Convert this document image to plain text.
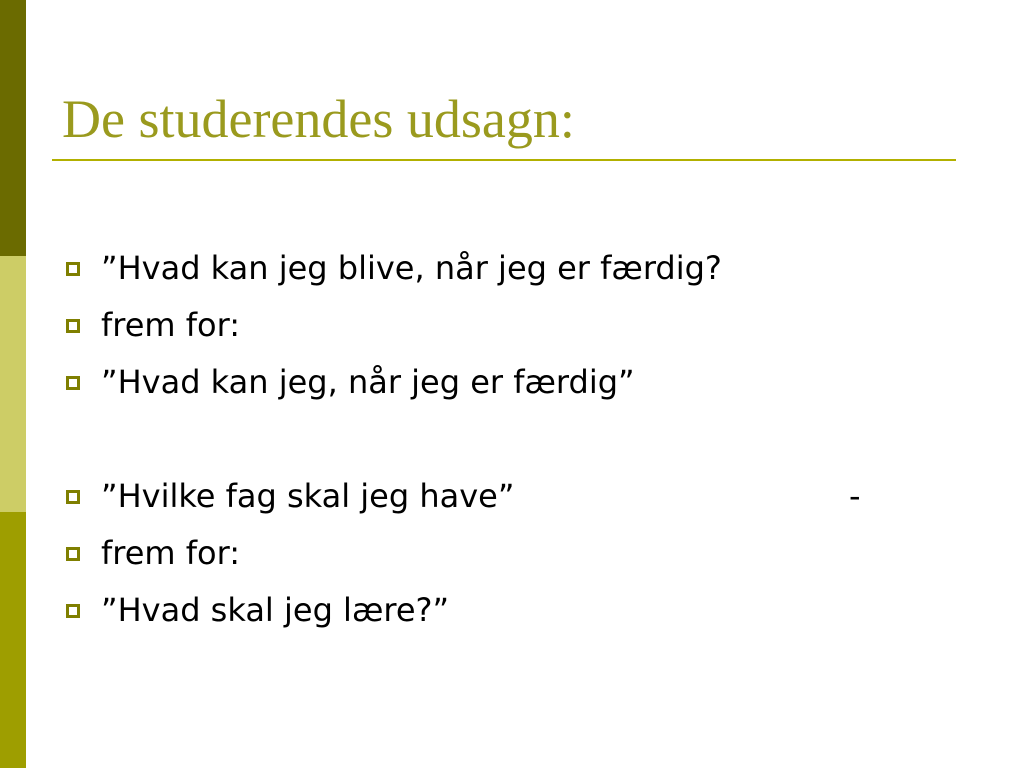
De studerendes udsagn:
”Hvad kan jeg blive, når jeg er færdig?
frem for:
”Hvad kan jeg, når jeg er færdig”
”Hvilke fag skal jeg have”	-
frem for:
”Hvad skal jeg lære?”
